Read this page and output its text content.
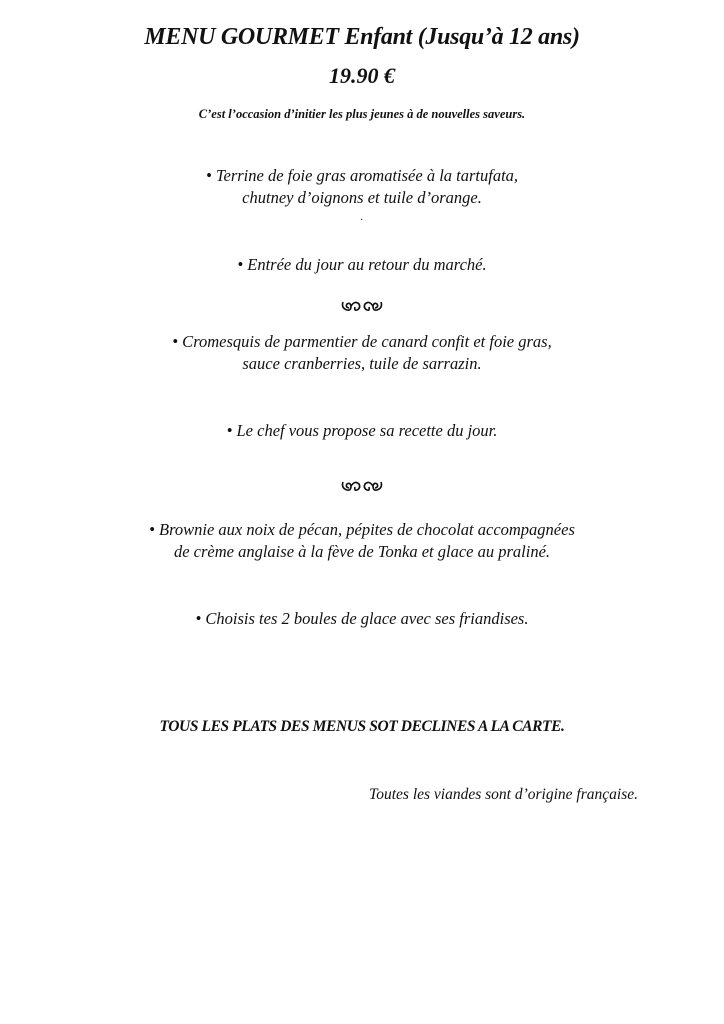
MENU GOURMET Enfant (Jusqu’à 12 ans)
19.90 €
C’est l’occasion d’initier les plus jeunes à de nouvelles saveurs.
• Terrine de foie gras aromatisée à la tartufata,
chutney d’oignons et tuile d’orange.
.
• Entrée du jour au retour du marché.
• Cromesquis de parmentier de canard confit et foie gras,
sauce cranberries, tuile de sarrazin.
• Le chef vous propose sa recette du jour.
• Brownie aux noix de pécan, pépites de chocolat accompagnées
de crème anglaise à la fève de Tonka et glace au praliné.
• Choisis tes 2 boules de glace avec ses friandises.
TOUS LES PLATS DES MENUS SOT DECLINES A LA CARTE.
Toutes les viandes sont d’origine française.
